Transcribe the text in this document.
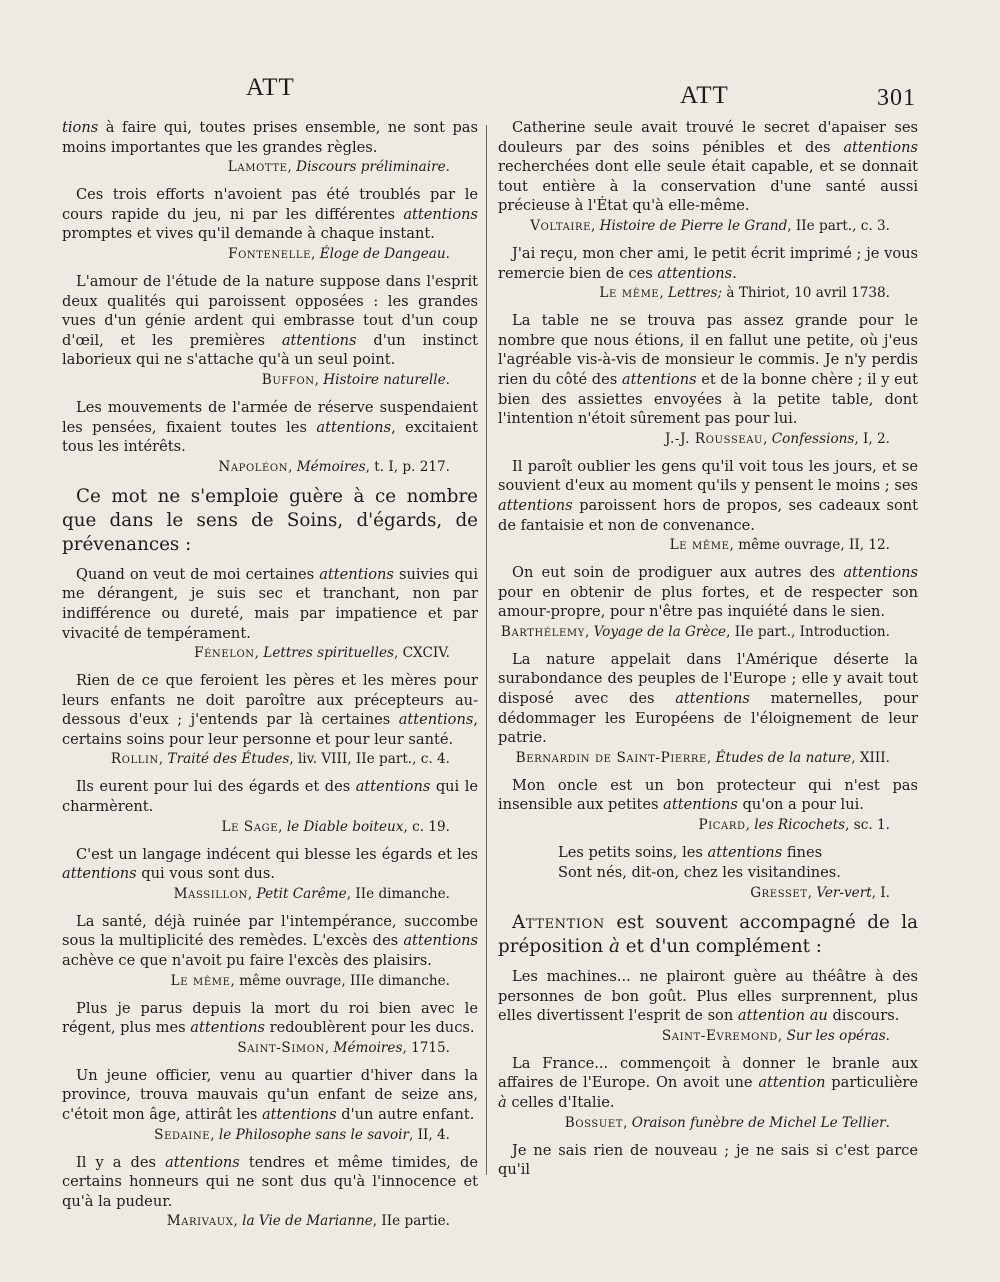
ATT	ATT	301

tions à faire qui, toutes prises ensemble, ne sont pas moins importantes que les grandes règles.

Lamotte, Discours préliminaire.

Ces trois efforts n'avoient pas été troublés par le cours rapide du jeu, ni par les différentes attentions promptes et vives qu'il demande à chaque instant.

Fontenelle, Éloge de Dangeau.

L'amour de l'étude de la nature suppose dans l'esprit deux qualités qui paroissent opposées : les grandes vues d'un génie ardent qui embrasse tout d'un coup d'œil, et les premières attentions d'un instinct laborieux qui ne s'attache qu'à un seul point.

Buffon, Histoire naturelle.

Les mouvements de l'armée de réserve suspendaient les pensées, fixaient toutes les attentions, excitaient tous les intérêts.

Napoléon, Mémoires, t. I, p. 217.

Ce mot ne s'emploie guère à ce nombre que dans le sens de Soins, d'égards, de prévenances :

Quand on veut de moi certaines attentions suivies qui me dérangent, je suis sec et tranchant, non par indifférence ou dureté, mais par impatience et par vivacité de tempérament.

Fénelon, Lettres spirituelles, CXCIV.

Rien de ce que feroient les pères et les mères pour leurs enfants ne doit paroître aux précepteurs au-dessous d'eux ; j'entends par là certaines attentions, certains soins pour leur personne et pour leur santé.

Rollin, Traité des Études, liv. VIII, IIe part., c. 4.

Ils eurent pour lui des égards et des attentions qui le charmèrent.

Le Sage, le Diable boiteux, c. 19.

C'est un langage indécent qui blesse les égards et les attentions qui vous sont dus.

Massillon, Petit Carême, IIe dimanche.

La santé, déjà ruinée par l'intempérance, succombe sous la multiplicité des remèdes. L'excès des attentions achève ce que n'avoit pu faire l'excès des plaisirs.

Le même, même ouvrage, IIIe dimanche.

Plus je parus depuis la mort du roi bien avec le régent, plus mes attentions redoublèrent pour les ducs.

Saint-Simon, Mémoires, 1715.

Un jeune officier, venu au quartier d'hiver dans la province, trouva mauvais qu'un enfant de seize ans, c'étoit mon âge, attirât les attentions d'un autre enfant.

Sedaine, le Philosophe sans le savoir, II, 4.

Il y a des attentions tendres et même timides, de certains honneurs qui ne sont dus qu'à l'innocence et qu'à la pudeur.

Marivaux, la Vie de Marianne, IIe partie.

Catherine seule avait trouvé le secret d'apaiser ses douleurs par des soins pénibles et des attentions recherchées dont elle seule était capable, et se donnait tout entière à la conservation d'une santé aussi précieuse à l'État qu'à elle-même.

Voltaire, Histoire de Pierre le Grand, IIe part., c. 3.

J'ai reçu, mon cher ami, le petit écrit imprimé ; je vous remercie bien de ces attentions.

Le même, Lettres; à Thiriot, 10 avril 1738.

La table ne se trouva pas assez grande pour le nombre que nous étions, il en fallut une petite, où j'eus l'agréable vis-à-vis de monsieur le commis. Je n'y perdis rien du côté des attentions et de la bonne chère ; il y eut bien des assiettes envoyées à la petite table, dont l'intention n'étoit sûrement pas pour lui.

J.-J. Rousseau, Confessions, I, 2.

Il paroît oublier les gens qu'il voit tous les jours, et se souvient d'eux au moment qu'ils y pensent le moins ; ses attentions paroissent hors de propos, ses cadeaux sont de fantaisie et non de convenance.

Le même, même ouvrage, II, 12.

On eut soin de prodiguer aux autres des attentions pour en obtenir de plus fortes, et de respecter son amour-propre, pour n'être pas inquiété dans le sien.

Barthélemy, Voyage de la Grèce, IIe part., Introduction.

La nature appelait dans l'Amérique déserte la surabondance des peuples de l'Europe ; elle y avait tout disposé avec des attentions maternelles, pour dédommager les Européens de l'éloignement de leur patrie.

Bernardin de Saint-Pierre, Études de la nature, XIII.

Mon oncle est un bon protecteur qui n'est pas insensible aux petites attentions qu'on a pour lui.

Picard, les Ricochets, sc. 1.

Les petits soins, les attentions fines

Sont nés, dit-on, chez les visitandines.

Gresset, Ver-vert, I.

Attention est souvent accompagné de la préposition à et d'un complément :

Les machines... ne plairont guère au théâtre à des personnes de bon goût. Plus elles surprennent, plus elles divertissent l'esprit de son attention au discours.

Saint-Evremond, Sur les opéras.

La France... commençoit à donner le branle aux affaires de l'Europe. On avoit une attention particulière à celles d'Italie.

Bossuet, Oraison funèbre de Michel Le Tellier.

Je ne sais rien de nouveau ; je ne sais si c'est parce qu'il
